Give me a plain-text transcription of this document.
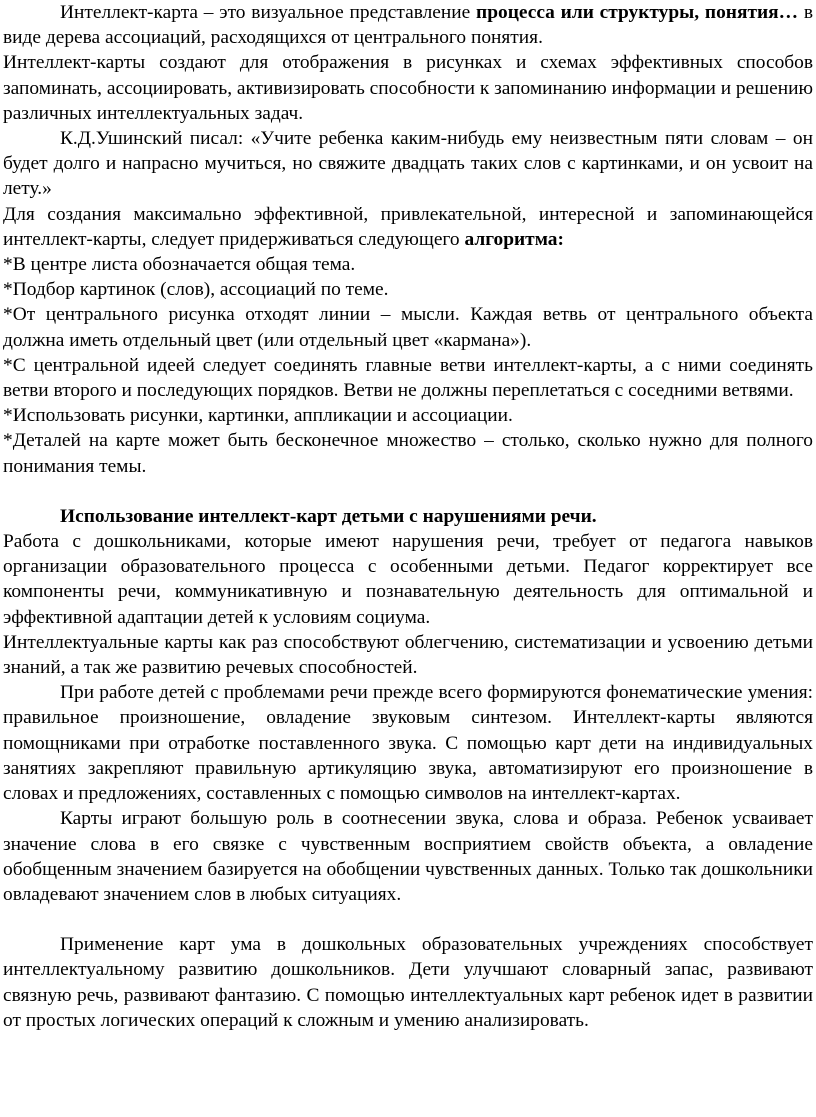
Интеллект-карта – это визуальное представление процесса или структуры, понятия… в виде дерева ассоциаций, расходящихся от центрального понятия.

Интеллект-карты создают для отображения в рисунках и схемах эффективных способов запоминать, ассоциировать, активизировать способности к запоминанию информации и решению различных интеллектуальных задач.

К.Д.Ушинский писал: «Учите ребенка каким-нибудь ему неизвестным пяти словам – он будет долго и напрасно мучиться, но свяжите двадцать таких слов с картинками, и он усвоит на лету.»

Для создания максимально эффективной, привлекательной, интересной и запоминающейся интеллект-карты, следует придерживаться следующего алгоритма:

*В центре листа обозначается общая тема.

*Подбор картинок (слов), ассоциаций по теме.

*От центрального рисунка отходят линии – мысли. Каждая ветвь от центрального объекта должна иметь отдельный цвет (или отдельный цвет «кармана»).

*С центральной идеей следует соединять главные ветви интеллект-карты, а с ними соединять ветви второго и последующих порядков. Ветви не должны переплетаться с соседними ветвями.

*Использовать рисунки, картинки, аппликации и ассоциации.

*Деталей на карте может быть бесконечное множество – столько, сколько нужно для полного понимания темы.

Использование интеллект-карт детьми с нарушениями речи.

Работа с дошкольниками, которые имеют нарушения речи, требует от педагога навыков организации образовательного процесса с особенными детьми. Педагог корректирует все компоненты речи, коммуникативную и познавательную деятельность для оптимальной и эффективной адаптации детей к условиям социума.

Интеллектуальные карты как раз способствуют облегчению, систематизации и усвоению детьми знаний, а так же развитию речевых способностей.

При работе детей с проблемами речи прежде всего формируются фонематические умения: правильное произношение, овладение звуковым синтезом. Интеллект-карты являются помощниками при отработке поставленного звука. С помощью карт дети на индивидуальных занятиях закрепляют правильную артикуляцию звука, автоматизируют его произношение в словах и предложениях, составленных с помощью символов на интеллект-картах.

Карты играют большую роль в соотнесении звука, слова и образа. Ребенок усваивает значение слова в его связке с чувственным восприятием свойств объекта, а овладение обобщенным значением базируется на обобщении чувственных данных. Только так дошкольники овладевают значением слов в любых ситуациях.

Применение карт ума в дошкольных образовательных учреждениях способствует интеллектуальному развитию дошкольников. Дети улучшают словарный запас, развивают связную речь, развивают фантазию. С помощью интеллектуальных карт ребенок идет в развитии от простых логических операций к сложным и умению анализировать.
